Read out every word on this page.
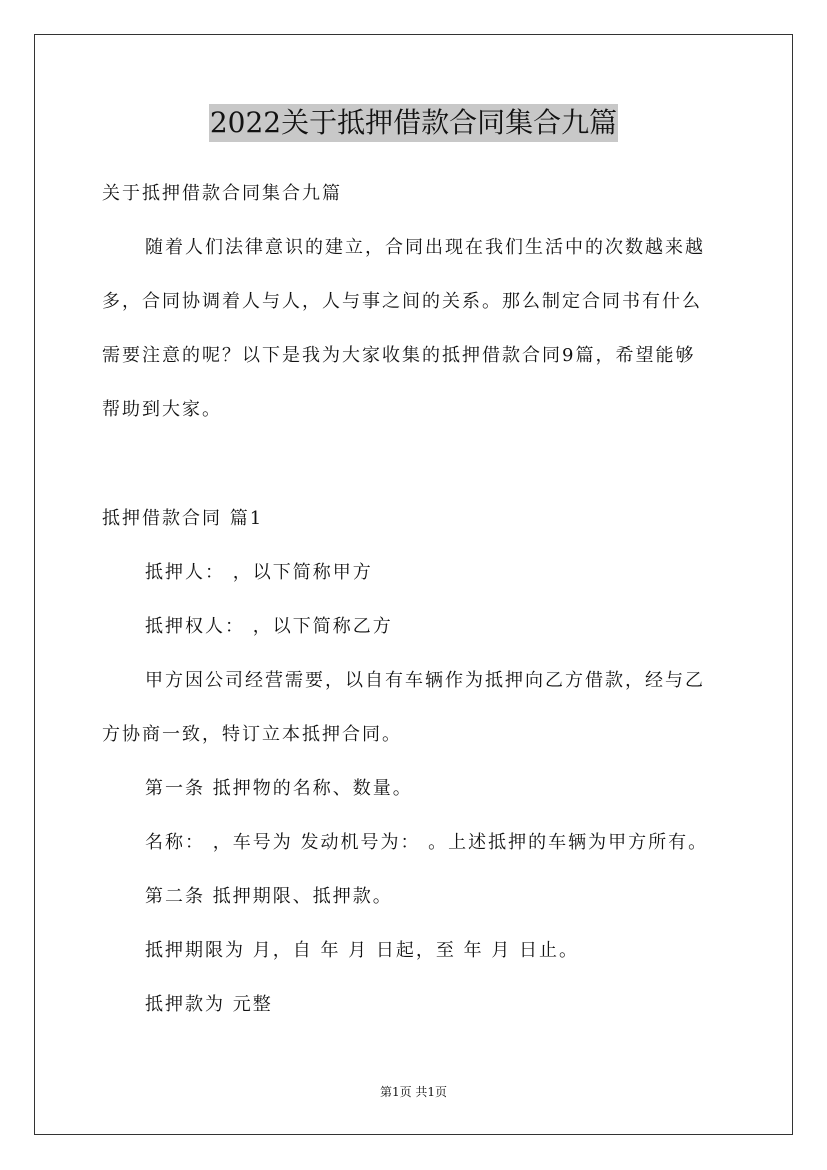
2022关于抵押借款合同集合九篇
关于抵押借款合同集合九篇
随着人们法律意识的建立，合同出现在我们生活中的次数越来越
多，合同协调着人与人，人与事之间的关系。那么制定合同书有什么
需要注意的呢？以下是我为大家收集的抵押借款合同9篇，希望能够
帮助到大家。
抵押借款合同 篇1
抵押人： ，以下简称甲方
抵押权人： ，以下简称乙方
甲方因公司经营需要，以自有车辆作为抵押向乙方借款，经与乙
方协商一致，特订立本抵押合同。
第一条 抵押物的名称、数量。
名称： ，车号为 发动机号为： 。上述抵押的车辆为甲方所有。
第二条 抵押期限、抵押款。
抵押期限为 月，自 年 月 日起，至 年 月 日止。
抵押款为 元整
第1页 共1页
